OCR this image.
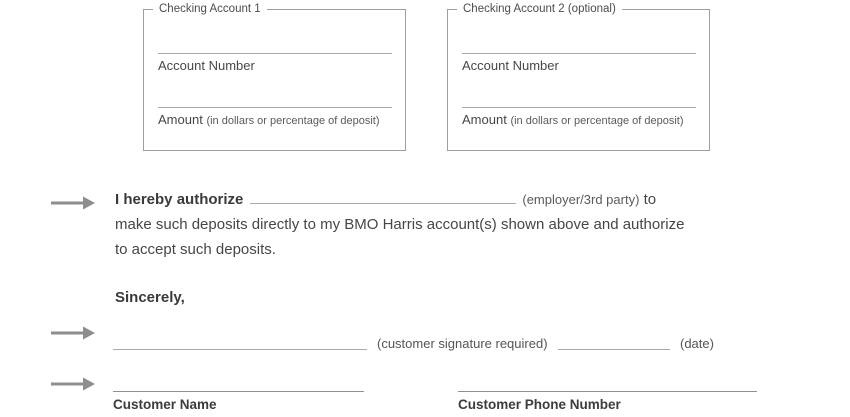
Checking Account 1
Account Number
Amount (in dollars or percentage of deposit)
Checking Account 2 (optional)
Account Number
Amount (in dollars or percentage of deposit)
I hereby authorize	(employer/3rd party) to
make such deposits directly to my BMO Harris account(s) shown above and authorize
to accept such deposits.
Sincerely,
(customer signature required)	(date)
Customer Name	Customer Phone Number
